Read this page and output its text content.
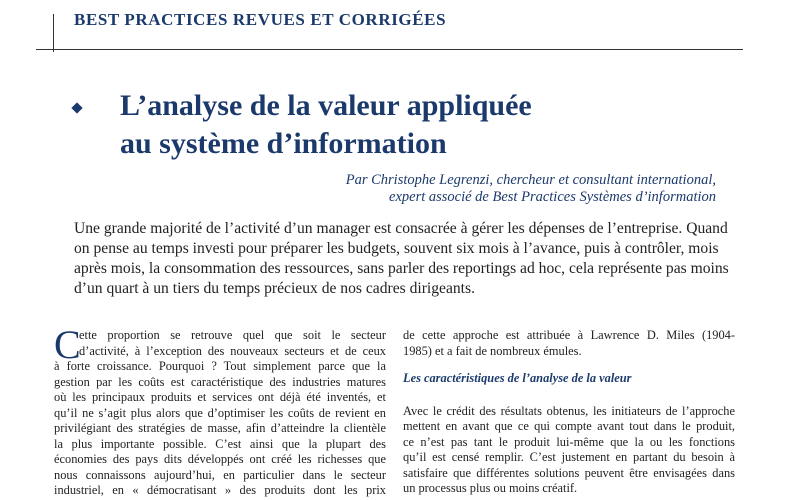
BEST PRACTICES REVUES ET CORRIGÉES
L’analyse de la valeur appliquée
au système d’information
Par Christophe Legrenzi, chercheur et consultant international,
expert associé de Best Practices Systèmes d’information
Une grande majorité de l’activité d’un manager est consacrée à gérer les dépenses de l’entreprise. Quand
on pense au temps investi pour préparer les budgets, souvent six mois à l’avance, puis à contrôler, mois
après mois, la consommation des ressources, sans parler des reportings ad hoc, cela représente pas moins
d’un quart à un tiers du temps précieux de nos cadres dirigeants.
C
ette proportion se retrouve quel que soit le secteur
d’activité, à l’exception des nouveaux secteurs et de ceux
à forte croissance. Pourquoi ? Tout simplement parce que la
gestion par les coûts est caractéristique des industries matures
où les principaux produits et services ont déjà été inventés, et
qu’il ne s’agit plus alors que d’optimiser les coûts de revient en
privilégiant des stratégies de masse, afin d’atteindre la clientèle
la plus importante possible. C’est ainsi que la plupart des
économies des pays dits développés ont créé les richesses que
nous connaissons aujourd’hui, en particulier dans le secteur
industriel, en « démocratisant » des produits dont les prix
de cette approche est attribuée à Lawrence D. Miles (1904-
1985) et a fait de nombreux émules.
Les caractéristiques de l’analyse de la valeur
Avec le crédit des résultats obtenus, les initiateurs de l’approche
mettent en avant que ce qui compte avant tout dans le produit,
ce n’est pas tant le produit lui-même que la ou les fonctions
qu’il est censé remplir. C’est justement en partant du besoin à
satisfaire que différentes solutions peuvent être envisagées dans
un processus plus ou moins créatif.
